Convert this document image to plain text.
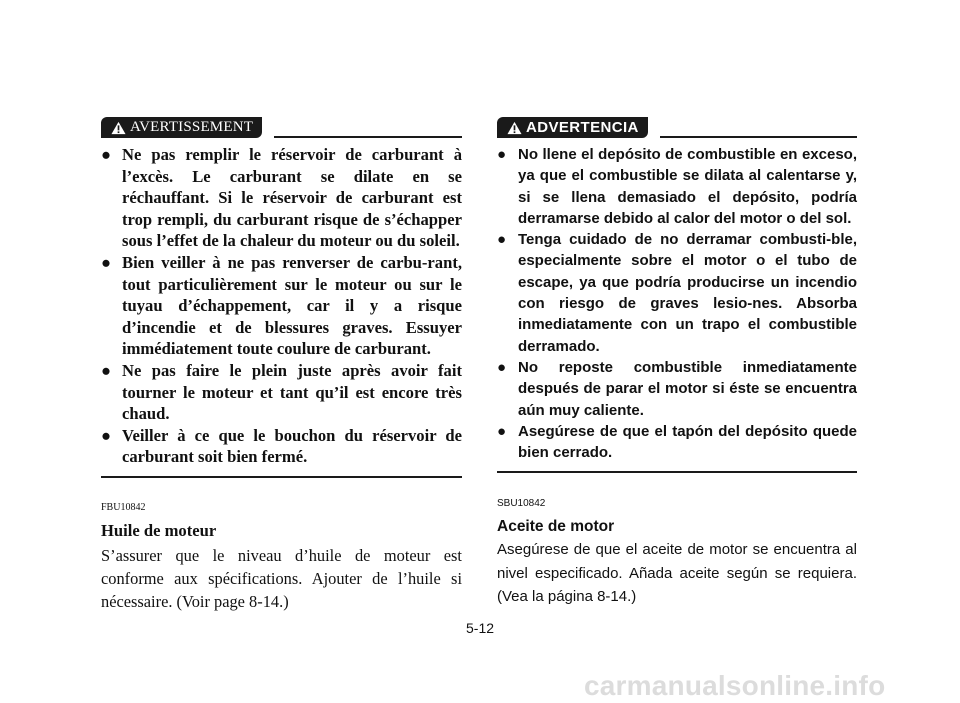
AVERTISSEMENT
● Ne pas remplir le réservoir de carburant à l’excès. Le carburant se dilate en se réchauffant. Si le réservoir de carburant est trop rempli, du carburant risque de s’échapper sous l’effet de la chaleur du moteur ou du soleil.
● Bien veiller à ne pas renverser de carbu-rant, tout particulièrement sur le moteur ou sur le tuyau d’échappement, car il y a risque d’incendie et de blessures graves. Essuyer immédiatement toute coulure de carburant.
● Ne pas faire le plein juste après avoir fait tourner le moteur et tant qu’il est encore très chaud.
● Veiller à ce que le bouchon du réservoir de carburant soit bien fermé.
FBU10842
Huile de moteur
S’assurer que le niveau d’huile de moteur est conforme aux spécifications. Ajouter de l’huile si nécessaire. (Voir page 8-14.)
ADVERTENCIA
● No llene el depósito de combustible en exceso, ya que el combustible se dilata al calentarse y, si se llena demasiado el depósito, podría derramarse debido al calor del motor o del sol.
● Tenga cuidado de no derramar combusti-ble, especialmente sobre el motor o el tubo de escape, ya que podría producirse un incendio con riesgo de graves lesio-nes. Absorba inmediatamente con un trapo el combustible derramado.
● No reposte combustible inmediatamente después de parar el motor si éste se encuentra aún muy caliente.
● Asegúrese de que el tapón del depósito quede bien cerrado.
SBU10842
Aceite de motor
Asegúrese de que el aceite de motor se encuentra al nivel especificado. Añada aceite según se requiera. (Vea la página 8-14.)
5-12
carmanualsonline.info
